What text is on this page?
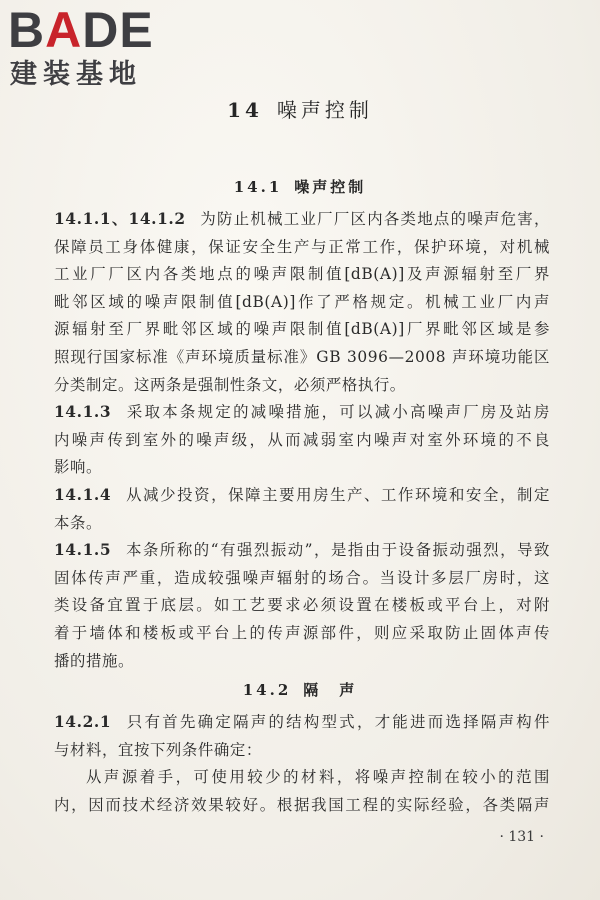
BADE
建装基地
14 噪声控制
14.1 噪声控制
14.1.1、14.1.2 为防止机械工业厂厂区内各类地点的噪声危害，
保障员工身体健康，保证安全生产与正常工作，保护环境，对机械
工业厂厂区内各类地点的噪声限制值[dB(A)]及声源辐射至厂界
毗邻区域的噪声限制值[dB(A)]作了严格规定。机械工业厂内声
源辐射至厂界毗邻区域的噪声限制值[dB(A)]厂界毗邻区域是参
照现行国家标准《声环境质量标准》GB 3096—2008 声环境功能区
分类制定。这两条是强制性条文，必须严格执行。
14.1.3 采取本条规定的减噪措施，可以减小高噪声厂房及站房
内噪声传到室外的噪声级，从而减弱室内噪声对室外环境的不良
影响。
14.1.4 从减少投资，保障主要用房生产、工作环境和安全，制定
本条。
14.1.5 本条所称的“有强烈振动”，是指由于设备振动强烈，导致
固体传声严重，造成较强噪声辐射的场合。当设计多层厂房时，这
类设备宜置于底层。如工艺要求必须设置在楼板或平台上，对附
着于墙体和楼板或平台上的传声源部件，则应采取防止固体声传
播的措施。
14.2 隔　声
14.2.1 只有首先确定隔声的结构型式，才能进而选择隔声构件
与材料，宜按下列条件确定：
从声源着手，可使用较少的材料，将噪声控制在较小的范围
内，因而技术经济效果较好。根据我国工程的实际经验，各类隔声
· 131 ·
